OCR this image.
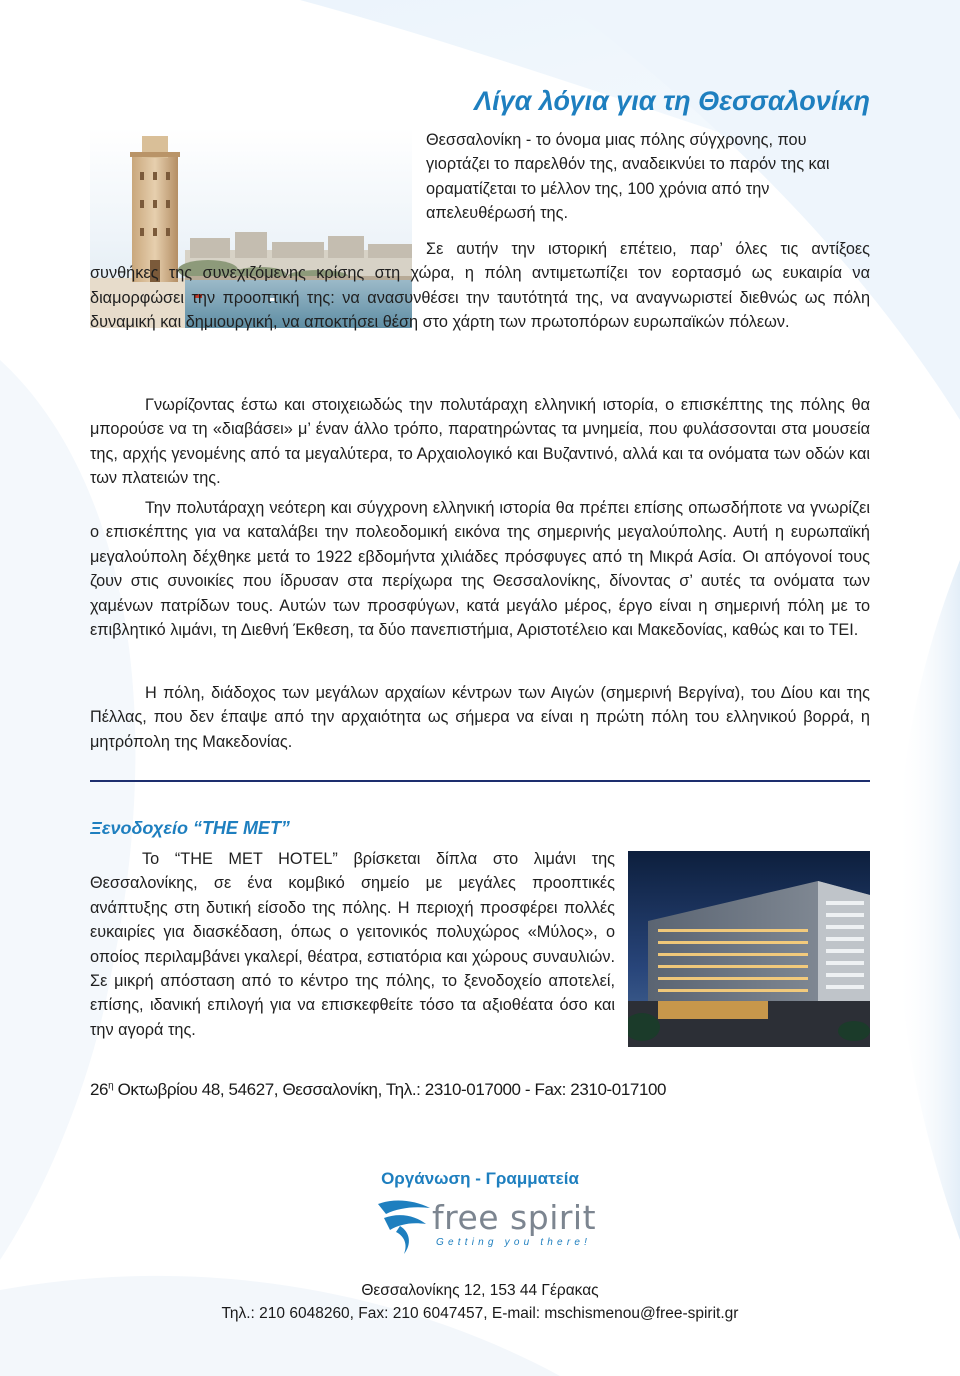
Λίγα λόγια για τη Θεσσαλονίκη

Θεσσαλονίκη - το όνομα μιας πόλης σύγχρονης, που γιορτάζει το παρελθόν της, αναδεικνύει το παρόν της και οραματίζεται το μέλλον της, 100 χρόνια από την απελευθέρωσή της.

Σε αυτήν την ιστορική επέτειο, παρ’ όλες τις αντίξοες συνθήκες της συνεχιζόμενης κρίσης στη χώρα, η πόλη αντιμετωπίζει τον εορτασμό ως ευκαιρία να διαμορφώσει την προοπτική της: να ανασυνθέσει την ταυτότητά της, να αναγνωριστεί διεθνώς ως πόλη δυναμική και δημιουργική, να αποκτήσει θέση στο χάρτη των πρωτοπόρων ευρωπαϊκών πόλεων.

Γνωρίζοντας έστω και στοιχειωδώς την πολυτάραχη ελληνική ιστορία, ο επισκέπτης της πόλης θα μπορούσε να τη «διαβάσει» μ’ έναν άλλο τρόπο, παρατηρώντας τα μνημεία, που φυλάσσονται στα μουσεία της, αρχής γενομένης από τα μεγαλύτερα, το Αρχαιολογικό και Βυζαντινό, αλλά και τα ονόματα των οδών και των πλατειών της.

Την πολυτάραχη νεότερη και σύγχρονη ελληνική ιστορία θα πρέπει επίσης οπωσδήποτε να γνωρίζει ο επισκέπτης για να καταλάβει την πολεοδομική εικόνα της σημερινής μεγαλούπολης. Αυτή η ευρωπαϊκή μεγαλούπολη δέχθηκε μετά το 1922 εβδομήντα χιλιάδες πρόσφυγες από τη Μικρά Ασία. Οι απόγονοί τους ζουν στις συνοικίες που ίδρυσαν στα περίχωρα της Θεσσαλονίκης, δίνοντας σ’ αυτές τα ονόματα των χαμένων πατρίδων τους. Αυτών των προσφύγων, κατά μεγάλο μέρος, έργο είναι η σημερινή πόλη με το επιβλητικό λιμάνι, τη Διεθνή Έκθεση, τα δύο πανεπιστήμια, Αριστοτέλειο και Μακεδονίας, καθώς και το ΤΕΙ.

Η πόλη, διάδοχος των μεγάλων αρχαίων κέντρων των Αιγών (σημερινή Βεργίνα), του Δίου και της Πέλλας, που δεν έπαψε από την αρχαιότητα ως σήμερα να είναι η πρώτη πόλη του ελληνικού βορρά, η μητρόπολη της Μακεδονίας.

Ξενοδοχείο “THE MET”

Το “THE MET HOTEL” βρίσκεται δίπλα στο λιμάνι της Θεσσαλονίκης, σε ένα κομβικό σημείο με μεγάλες προοπτικές ανάπτυξης στη δυτική είσοδο της πόλης. Η περιοχή προσφέρει πολλές ευκαιρίες για διασκέδαση, όπως ο γειτονικός πολυχώρος «Μύλος», ο οποίος περιλαμβάνει γκαλερί, θέατρα, εστιατόρια και χώρους συναυλιών. Σε μικρή απόσταση από το κέντρο της πόλης, το ξενοδοχείο αποτελεί, επίσης, ιδανική επιλογή για να επισκεφθείτε τόσο τα αξιοθέατα όσο και την αγορά της.

$26^\eta$ Οκτωβρίου 48, 54627, Θεσσαλονίκη, Τηλ.: 2310-017000 - Fax: 2310-017100
Οργάνωση - Γραμματεία
free spirit
Getting you there!
Θεσσαλονίκης 12, 153 44 Γέρακας
Τηλ.: 210 6048260, Fax: 210 6047457, E-mail: mschismenou@free-spirit.gr
